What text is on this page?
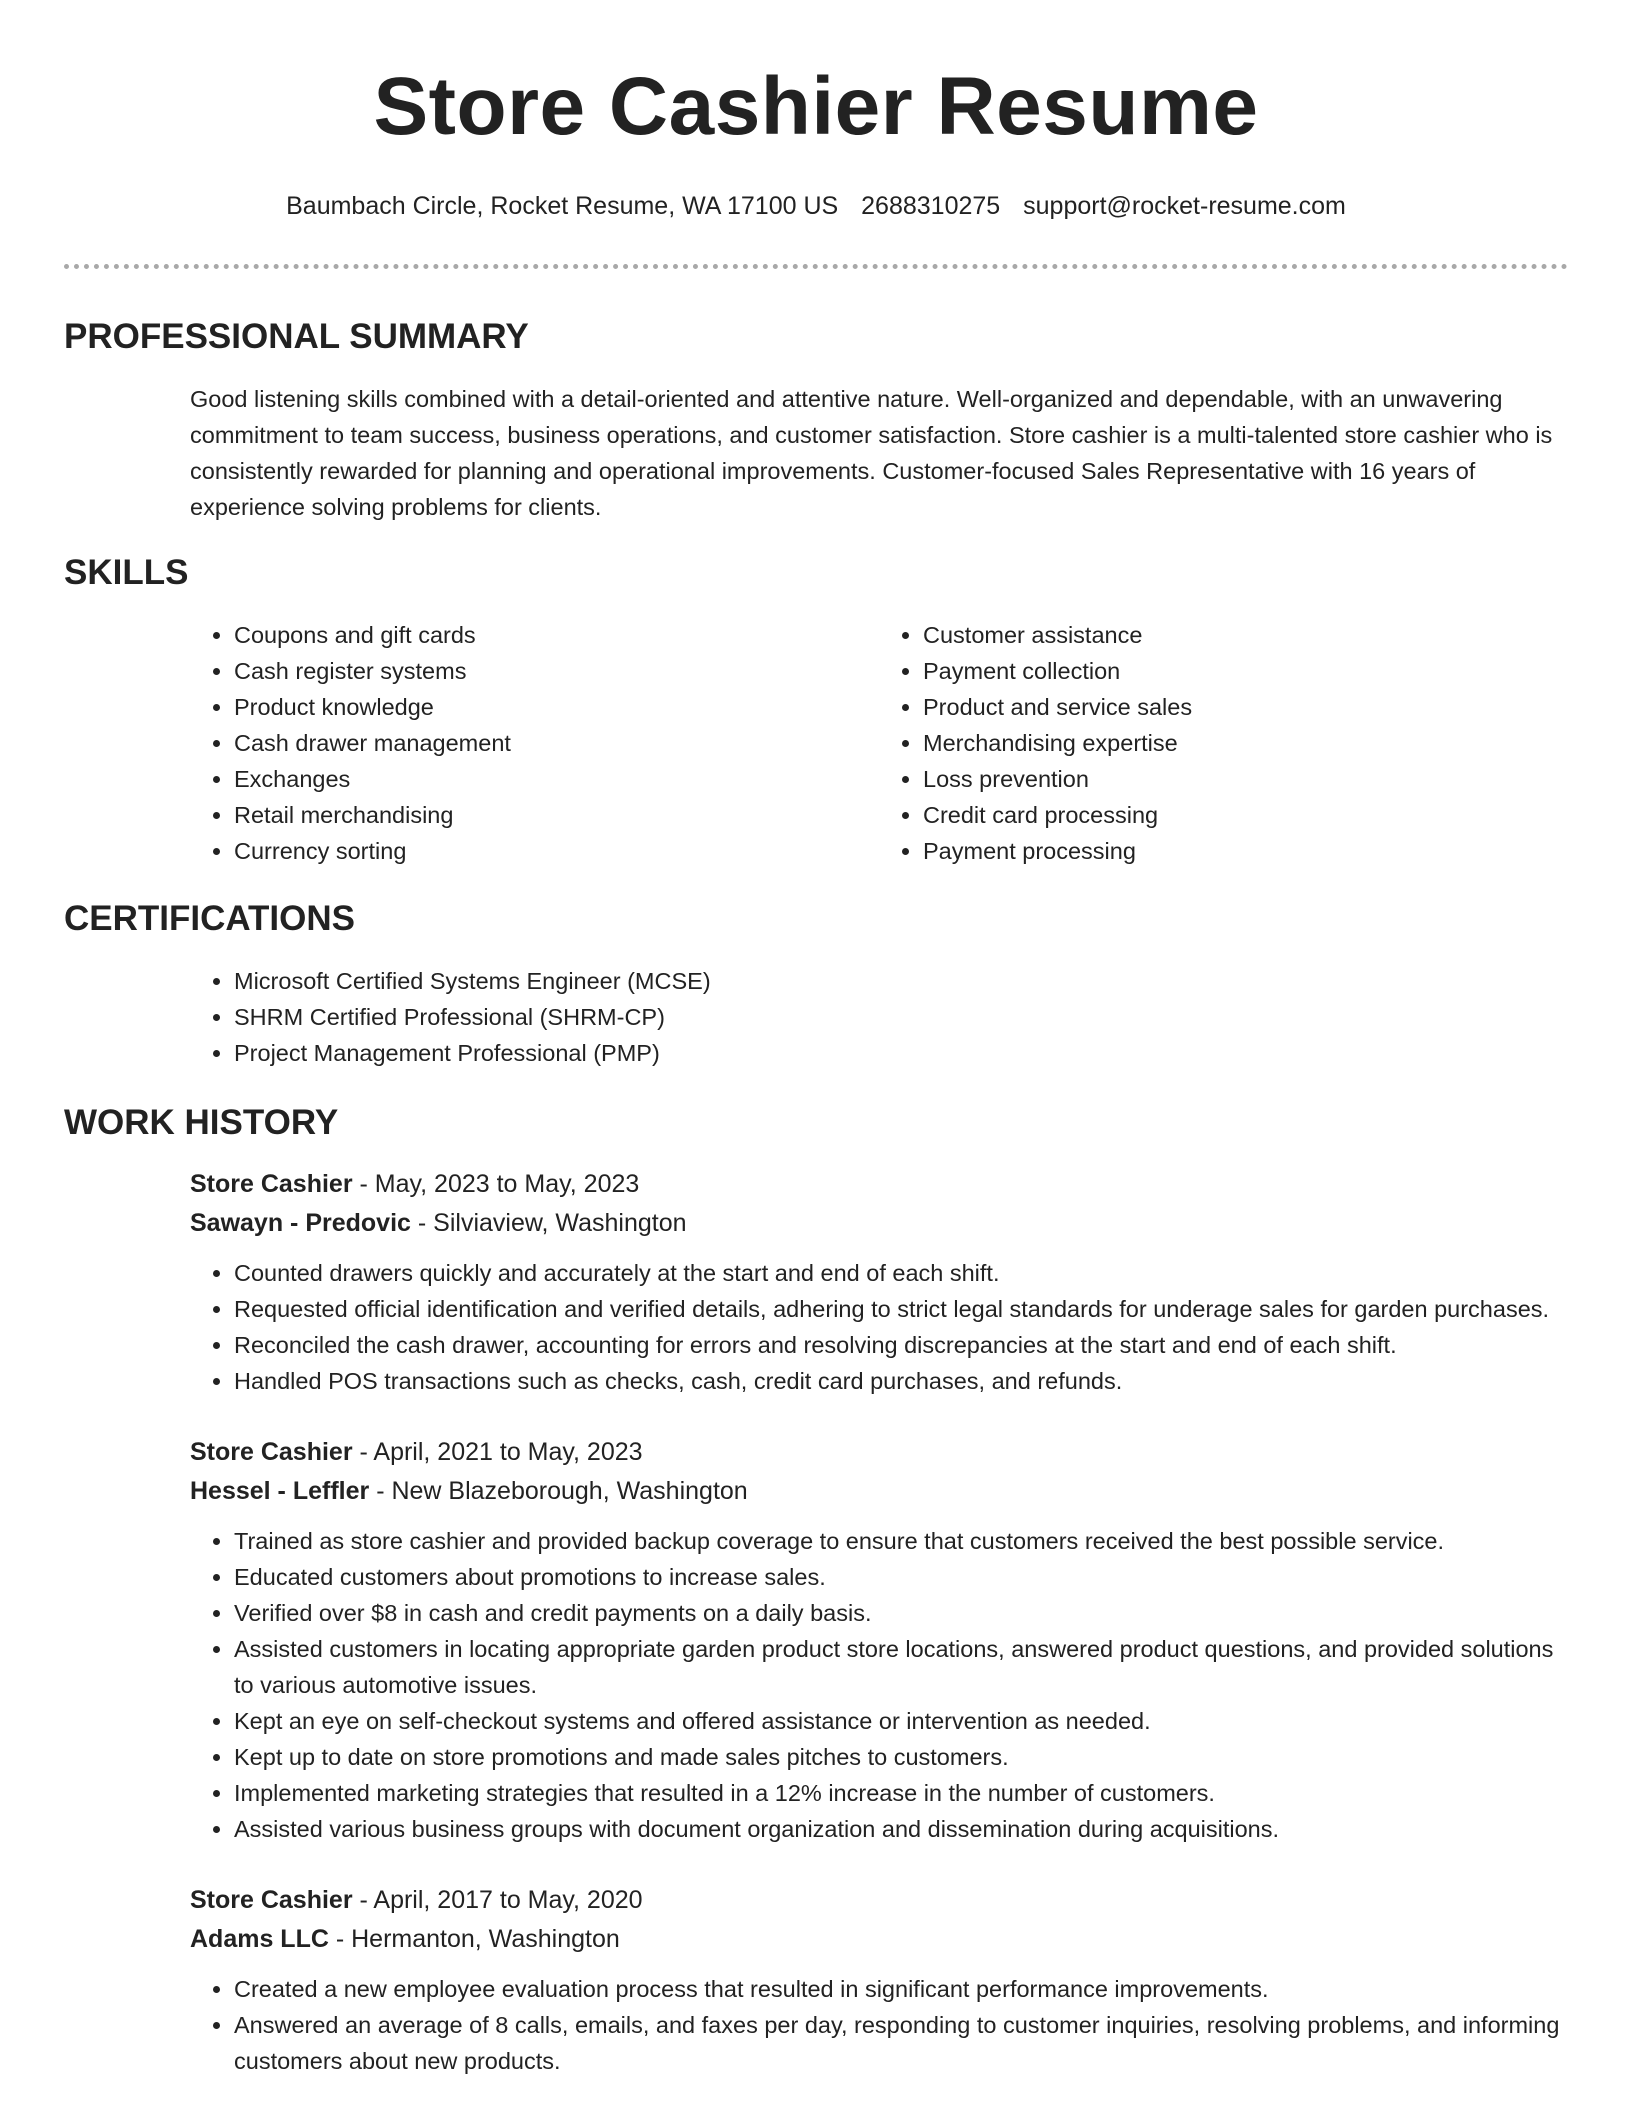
Store Cashier Resume
Baumbach Circle, Rocket Resume, WA 17100 US 2688310275 support@rocket-resume.com
PROFESSIONAL SUMMARY
Good listening skills combined with a detail-oriented and attentive nature. Well-organized and dependable, with an unwavering commitment to team success, business operations, and customer satisfaction. Store cashier is a multi-talented store cashier who is consistently rewarded for planning and operational improvements. Customer-focused Sales Representative with 16 years of experience solving problems for clients.
SKILLS
• Coupons and gift cards
• Cash register systems
• Product knowledge
• Cash drawer management
• Exchanges
• Retail merchandising
• Currency sorting
• Customer assistance
• Payment collection
• Product and service sales
• Merchandising expertise
• Loss prevention
• Credit card processing
• Payment processing
CERTIFICATIONS
• Microsoft Certified Systems Engineer (MCSE)
• SHRM Certified Professional (SHRM-CP)
• Project Management Professional (PMP)
WORK HISTORY
Store Cashier - May, 2023 to May, 2023
Sawayn - Predovic - Silviaview, Washington
• Counted drawers quickly and accurately at the start and end of each shift.
• Requested official identification and verified details, adhering to strict legal standards for underage sales for garden purchases.
• Reconciled the cash drawer, accounting for errors and resolving discrepancies at the start and end of each shift.
• Handled POS transactions such as checks, cash, credit card purchases, and refunds.
Store Cashier - April, 2021 to May, 2023
Hessel - Leffler - New Blazeborough, Washington
• Trained as store cashier and provided backup coverage to ensure that customers received the best possible service.
• Educated customers about promotions to increase sales.
• Verified over $8 in cash and credit payments on a daily basis.
• Assisted customers in locating appropriate garden product store locations, answered product questions, and provided solutions to various automotive issues.
• Kept an eye on self-checkout systems and offered assistance or intervention as needed.
• Kept up to date on store promotions and made sales pitches to customers.
• Implemented marketing strategies that resulted in a 12% increase in the number of customers.
• Assisted various business groups with document organization and dissemination during acquisitions.
Store Cashier - April, 2017 to May, 2020
Adams LLC - Hermanton, Washington
• Created a new employee evaluation process that resulted in significant performance improvements.
• Answered an average of 8 calls, emails, and faxes per day, responding to customer inquiries, resolving problems, and informing customers about new products.
